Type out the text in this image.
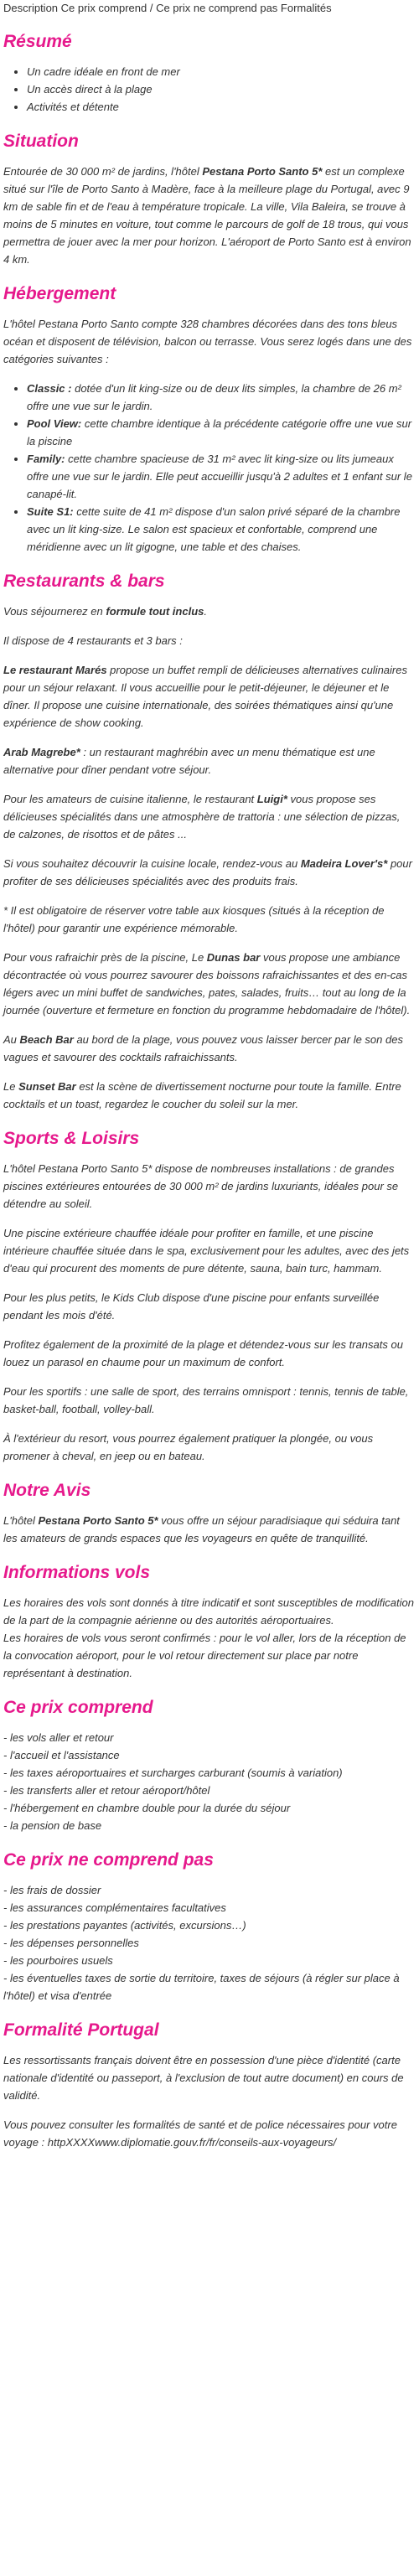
Description Ce prix comprend / Ce prix ne comprend pas Formalités
Résumé
• Un cadre idéale en front de mer
• Un accès direct à la plage
• Activités et détente
Situation

Entourée de 30 000 m² de jardins, l'hôtel Pestana Porto Santo 5* est un complexe situé sur l'île de Porto Santo à Madère, face à la meilleure plage du Portugal, avec 9 km de sable fin et de l'eau à température tropicale. La ville, Vila Baleira, se trouve à moins de 5 minutes en voiture, tout comme le parcours de golf de 18 trous, qui vous permettra de jouer avec la mer pour horizon. L'aéroport de Porto Santo est à environ 4 km.

Hébergement

L'hôtel Pestana Porto Santo compte 328 chambres décorées dans des tons bleus océan et disposent de télévision, balcon ou terrasse. Vous serez logés dans une des catégories suivantes :

• Classic : dotée d'un lit king-size ou de deux lits simples, la chambre de 26 m² offre une vue sur le jardin.
• Pool View: cette chambre identique à la précédente catégorie offre une vue sur la piscine
• Family: cette chambre spacieuse de 31 m² avec lit king-size ou lits jumeaux offre une vue sur le jardin. Elle peut accueillir jusqu'à 2 adultes et 1 enfant sur le canapé-lit.
• Suite S1: cette suite de 41 m² dispose d'un salon privé séparé de la chambre avec un lit king-size. Le salon est spacieux et confortable, comprend une méridienne avec un lit gigogne, une table et des chaises.
Restaurants & bars

Vous séjournerez en formule tout inclus.

Il dispose de 4 restaurants et 3 bars :

Le restaurant Marés propose un buffet rempli de délicieuses alternatives culinaires pour un séjour relaxant. Il vous accueillie pour le petit-déjeuner, le déjeuner et le dîner. Il propose une cuisine internationale, des soirées thématiques ainsi qu'une expérience de show cooking.

Arab Magrebe* : un restaurant maghrébin avec un menu thématique est une alternative pour dîner pendant votre séjour.

Pour les amateurs de cuisine italienne, le restaurant Luigi* vous propose ses délicieuses spécialités dans une atmosphère de trattoria : une sélection de pizzas, de calzones, de risottos et de pâtes ...

Si vous souhaitez découvrir la cuisine locale, rendez-vous au Madeira Lover's* pour profiter de ses délicieuses spécialités avec des produits frais.

* Il est obligatoire de réserver votre table aux kiosques (situés à la réception de l'hôtel) pour garantir une expérience mémorable.

Pour vous rafraichir près de la piscine, Le Dunas bar vous propose une ambiance décontractée où vous pourrez savourer des boissons rafraichissantes et des en-cas légers avec un mini buffet de sandwiches, pates, salades, fruits… tout au long de la journée (ouverture et fermeture en fonction du programme hebdomadaire de l'hôtel).

Au Beach Bar au bord de la plage, vous pouvez vous laisser bercer par le son des vagues et savourer des cocktails rafraichissants.

Le Sunset Bar est la scène de divertissement nocturne pour toute la famille. Entre cocktails et un toast, regardez le coucher du soleil sur la mer.

Sports & Loisirs

L'hôtel Pestana Porto Santo 5* dispose de nombreuses installations : de grandes piscines extérieures entourées de 30 000 m² de jardins luxuriants, idéales pour se détendre au soleil.

Une piscine extérieure chauffée idéale pour profiter en famille, et une piscine intérieure chauffée située dans le spa, exclusivement pour les adultes, avec des jets d'eau qui procurent des moments de pure détente, sauna, bain turc, hammam.

Pour les plus petits, le Kids Club dispose d'une piscine pour enfants surveillée pendant les mois d'été.

Profitez également de la proximité de la plage et détendez-vous sur les transats ou louez un parasol en chaume pour un maximum de confort.

Pour les sportifs : une salle de sport, des terrains omnisport : tennis, tennis de table, basket-ball, football, volley-ball.

À l'extérieur du resort, vous pourrez également pratiquer la plongée, ou vous promener à cheval, en jeep ou en bateau.

Notre Avis

L'hôtel Pestana Porto Santo 5* vous offre un séjour paradisiaque qui séduira tant les amateurs de grands espaces que les voyageurs en quête de tranquillité.

Informations vols

Les horaires des vols sont donnés à titre indicatif et sont susceptibles de modification de la part de la compagnie aérienne ou des autorités aéroportuaires.

Les horaires de vols vous seront confirmés : pour le vol aller, lors de la réception de la convocation aéroport, pour le vol retour directement sur place par notre représentant à destination.

Ce prix comprend
- les vols aller et retour
- l'accueil et l'assistance
- les taxes aéroportuaires et surcharges carburant (soumis à variation)
- les transferts aller et retour aéroport/hôtel
- l'hébergement en chambre double pour la durée du séjour
- la pension de base
Ce prix ne comprend pas
- les frais de dossier
- les assurances complémentaires facultatives
- les prestations payantes (activités, excursions…)
- les dépenses personnelles
- les pourboires usuels
- les éventuelles taxes de sortie du territoire, taxes de séjours (à régler sur place à l'hôtel) et visa d'entrée
Formalité Portugal

Les ressortissants français doivent être en possession d'une pièce d'identité (carte nationale d'identité ou passeport, à l'exclusion de tout autre document) en cours de validité.

Vous pouvez consulter les formalités de santé et de police nécessaires pour votre voyage : httpXXXXwww.diplomatie.gouv.fr/fr/conseils-aux-voyageurs/
